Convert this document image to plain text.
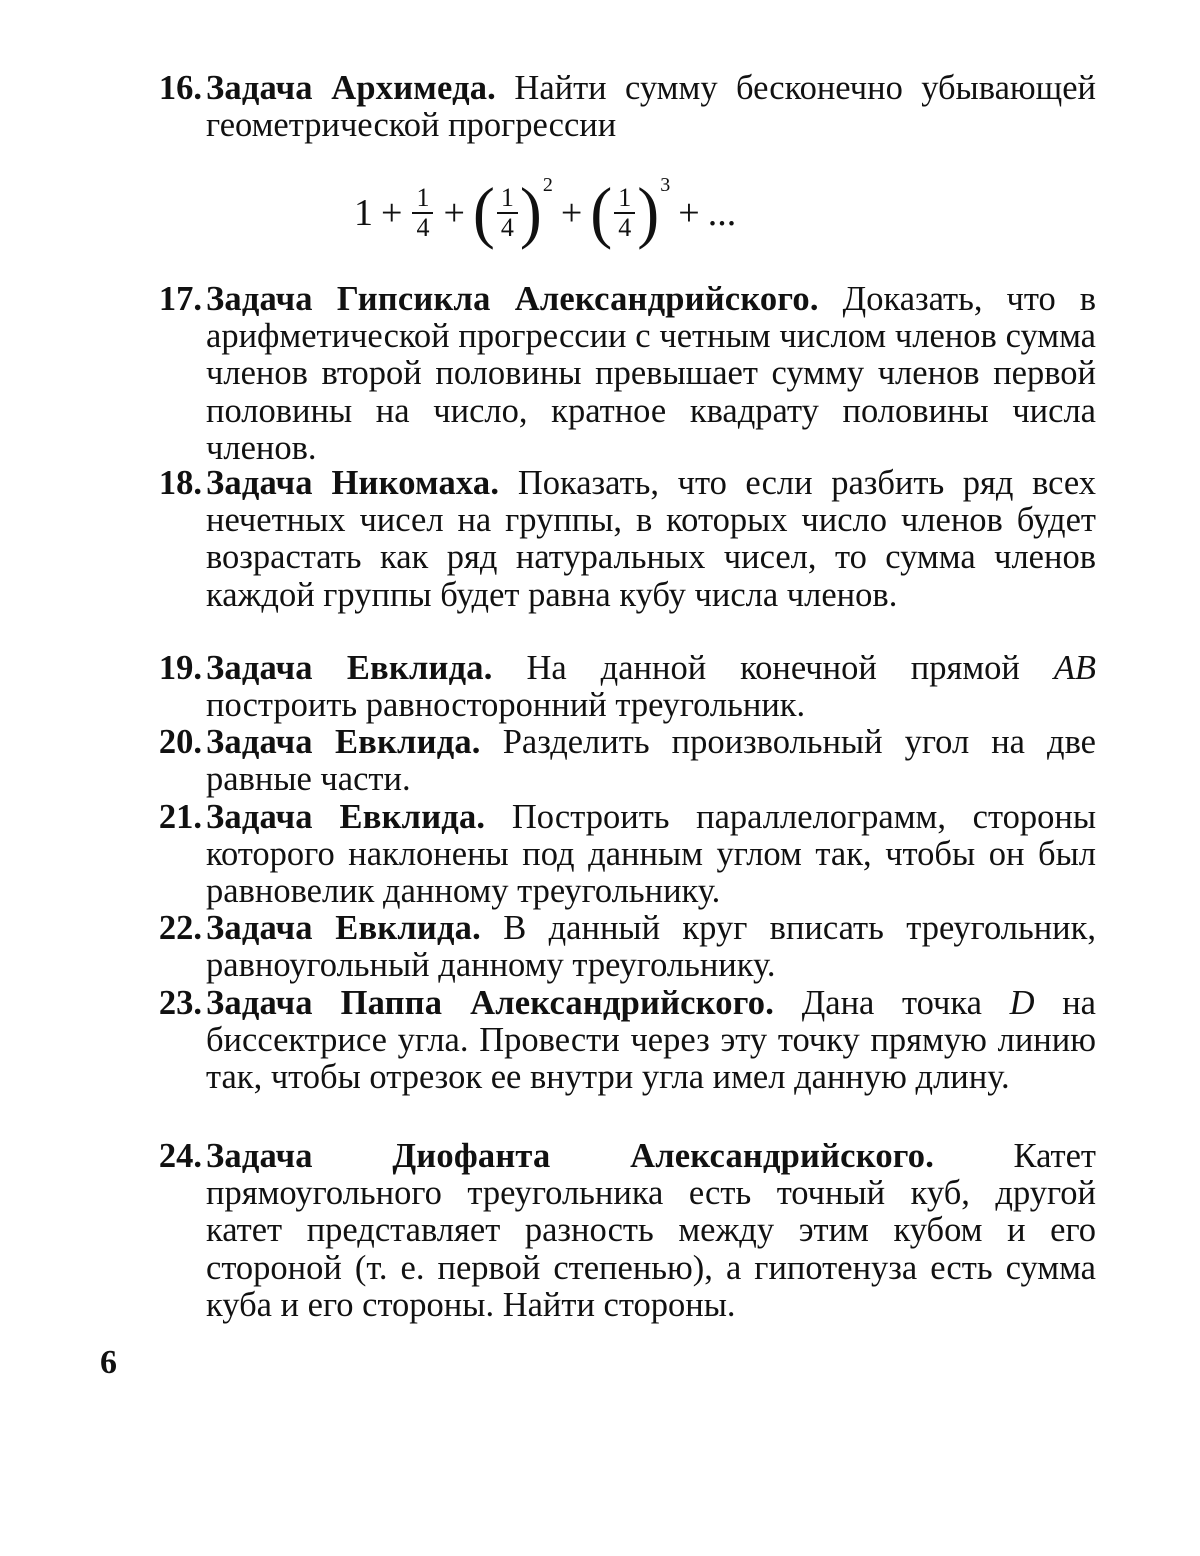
16. Задача Архимеда. Найти сумму бесконечно убывающей геометрической прогрессии
$1 + \frac{1}{4}$ + ( $\frac{1}{4}$ ) 2
+ ( $\frac{1}{4}$ ) 3
+ ...
17. Задача Гипсикла Александрийского. Доказать, что в арифметической прогрессии с четным числом членов сумма членов второй половины превышает сумму членов первой половины на число, кратное квадрату половины числа членов.
18. Задача Никомаха. Показать, что если разбить ряд всех нечетных чисел на группы, в которых число членов будет возрастать как ряд натуральных чисел, то сумма членов каждой группы будет равна кубу числа членов.
19. Задача Евклида. На данной конечной прямой AB построить равносторонний треугольник.
20. Задача Евклида. Разделить произвольный угол на две равные части.
21. Задача Евклида. Построить параллелограмм, стороны которого наклонены под данным углом так, чтобы он был равновелик данному треугольнику.
22. Задача Евклида. В данный круг вписать треугольник, равноугольный данному треугольнику.
23. Задача Паппа Александрийского. Дана точка D на биссектрисе угла. Провести через эту точку прямую линию так, чтобы отрезок ее внутри угла имел данную длину.
24. Задача Диофанта Александрийского. Катет прямоугольного треугольника есть точный куб, другой катет представляет разность между этим кубом и его стороной (т. е. первой степенью), а гипотенуза есть сумма куба и его стороны. Найти стороны.
6
